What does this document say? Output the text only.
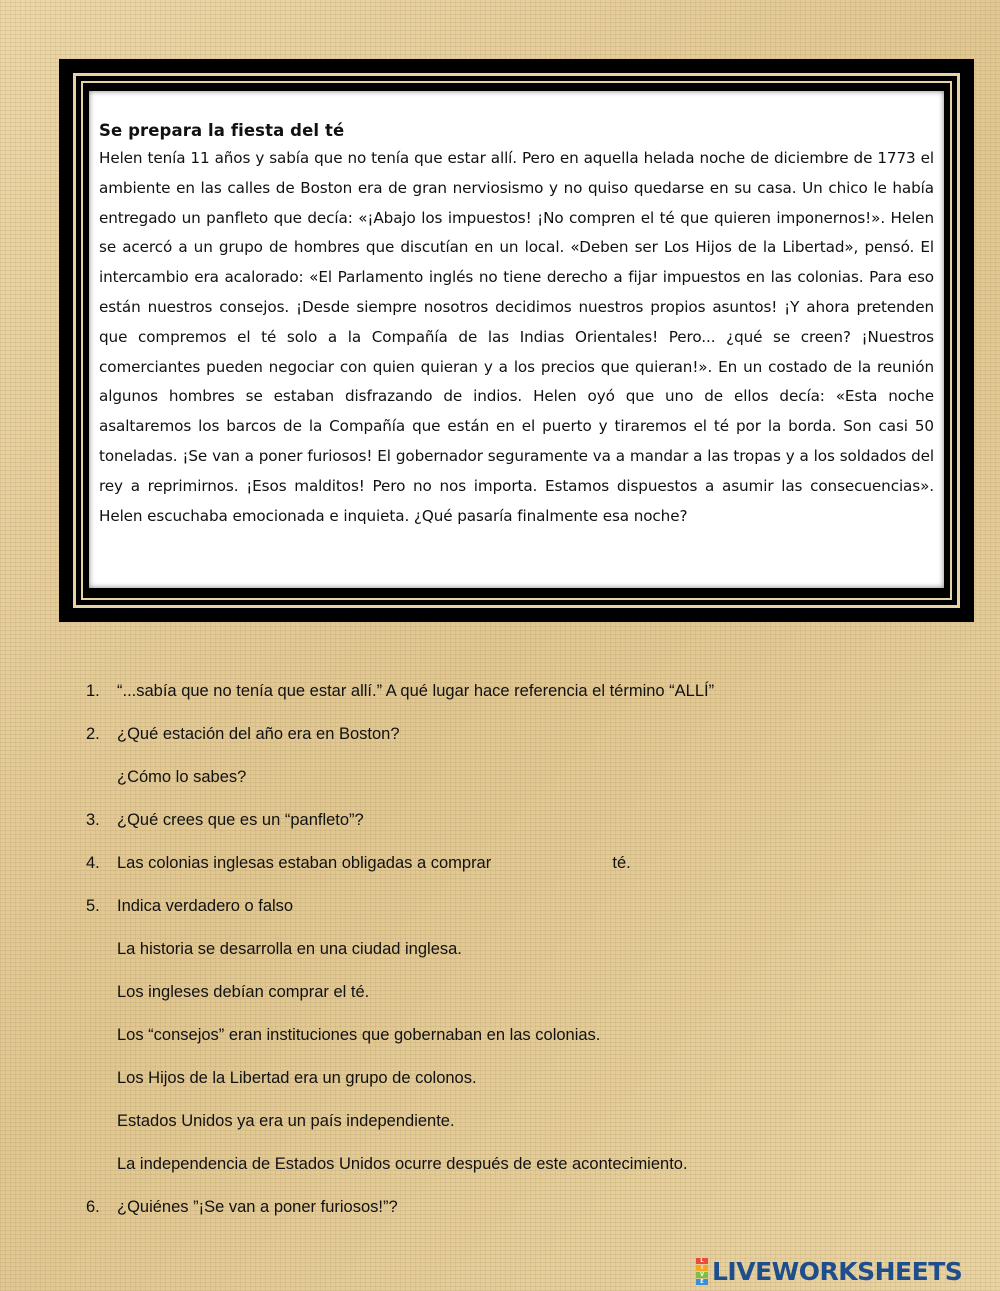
Se prepara la fiesta del té

Helen tenía 11 años y sabía que no tenía que estar allí. Pero en aquella helada noche de diciembre de 1773 el ambiente en las calles de Boston era de gran nerviosismo y no quiso quedarse en su casa. Un chico le había entregado un panfleto que decía: «¡Abajo los impuestos! ¡No compren el té que quieren imponernos!». Helen se acercó a un grupo de hombres que discutían en un local. «Deben ser Los Hijos de la Libertad», pensó. El intercambio era acalorado: «El Parlamento inglés no tiene derecho a fijar impuestos en las colonias. Para eso están nuestros consejos. ¡Desde siempre nosotros decidimos nuestros propios asuntos! ¡Y ahora pretenden que compremos el té solo a la Compañía de las Indias Orientales! Pero... ¿qué se creen? ¡Nuestros comerciantes pueden negociar con quien quieran y a los precios que quieran!». En un costado de la reunión algunos hombres se estaban disfrazando de indios. Helen oyó que uno de ellos decía: «Esta noche asaltaremos los barcos de la Compañía que están en el puerto y tiraremos el té por la borda. Son casi 50 toneladas. ¡Se van a poner furiosos! El gobernador seguramente va a mandar a las tropas y a los soldados del rey a reprimirnos. ¡Esos malditos! Pero no nos importa. Estamos dispuestos a asumir las consecuencias». Helen escuchaba emocionada e inquieta. ¿Qué pasaría finalmente esa noche?

1.	“...sabía que no tenía que estar allí.” A qué lugar hace referencia el término “ALLÍ”
2.	¿Qué estación del año era en Boston?
¿Cómo lo sabes?
3.	¿Qué crees que es un “panfleto”?
4.	Las colonias inglesas estaban obligadas a comprar	té.
5.	Indica verdadero o falso
La historia se desarrolla en una ciudad inglesa.
Los ingleses debían comprar el té.
Los “consejos” eran instituciones que gobernaban en las colonias.
Los Hijos de la Libertad era un grupo de colonos.
Estados Unidos ya era un país independiente.
La independencia de Estados Unidos ocurre después de este acontecimiento.
6.	¿Quiénes ”¡Se van a poner furiosos!”?
L
I
V
E LIVEWORKSHEETS
